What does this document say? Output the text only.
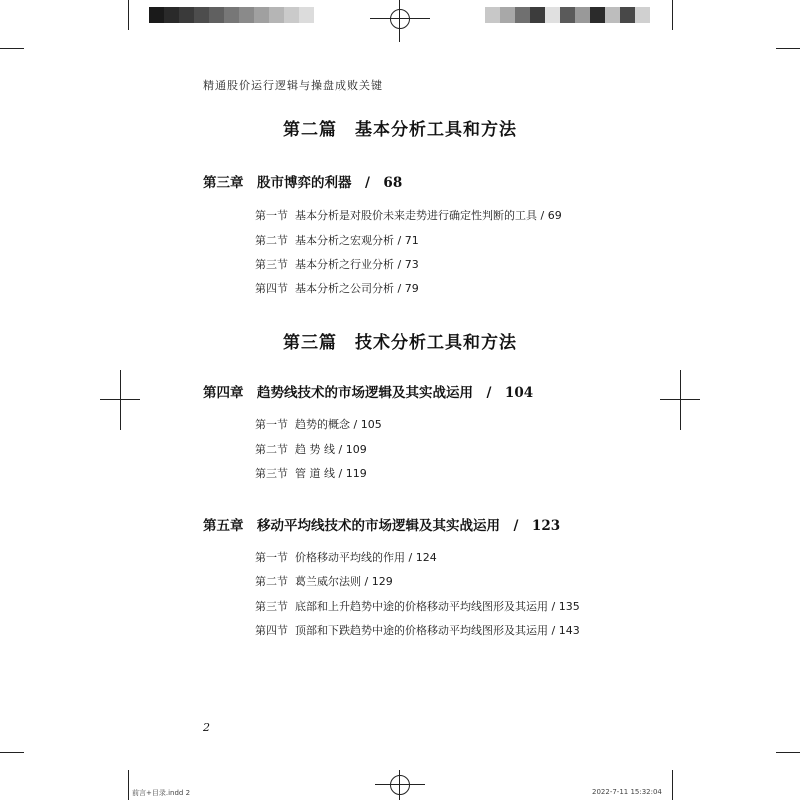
精通股价运行逻辑与操盘成败关键
第二篇　基本分析工具和方法
第三章　股市博弈的利器　/　68
第一节 基本分析是对股价未来走势进行确定性判断的工具 / 69
第二节 基本分析之宏观分析 / 71
第三节 基本分析之行业分析 / 73
第四节 基本分析之公司分析 / 79
第三篇　技术分析工具和方法
第四章　趋势线技术的市场逻辑及其实战运用　/　104
第一节 趋势的概念 / 105
第二节 趋 势 线 / 109
第三节 管 道 线 / 119
第五章　移动平均线技术的市场逻辑及其实战运用　/　123
第一节 价格移动平均线的作用 / 124
第二节 葛兰威尔法则 / 129
第三节 底部和上升趋势中途的价格移动平均线图形及其运用 / 135
第四节 顶部和下跌趋势中途的价格移动平均线图形及其运用 / 143
2
前言+目录.indd 2	2022-7-11 15:32:04
